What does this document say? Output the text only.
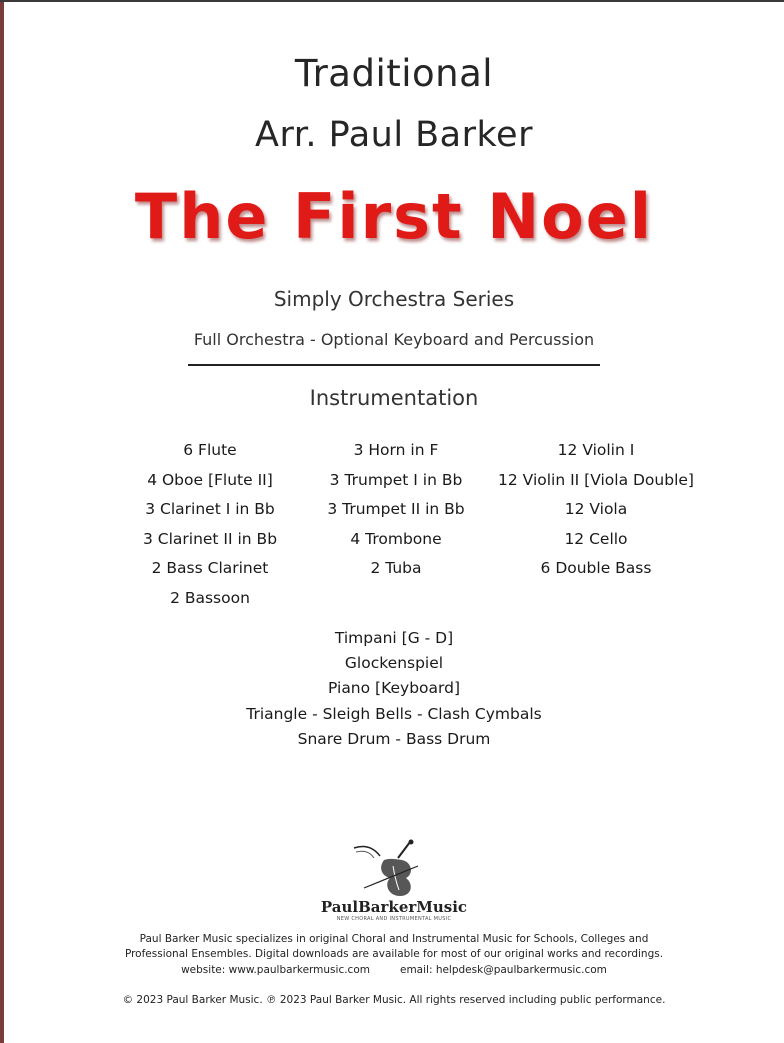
Traditional
Arr. Paul Barker
The First Noel
Simply Orchestra Series
Full Orchestra - Optional Keyboard and Percussion
Instrumentation
6 Flute
4 Oboe [Flute II]
3 Clarinet I in Bb
3 Clarinet II in Bb
2 Bass Clarinet
2 Bassoon
3 Horn in F
3 Trumpet I in Bb
3 Trumpet II in Bb
4 Trombone
2 Tuba
12 Violin I
12 Violin II [Viola Double]
12 Viola
12 Cello
6 Double Bass
Timpani [G - D]
Glockenspiel
Piano [Keyboard]
Triangle - Sleigh Bells - Clash Cymbals
Snare Drum - Bass Drum
PaulBarkerMusic
NEW CHORAL AND INSTRUMENTAL MUSIC
Paul Barker Music specializes in original Choral and Instrumental Music for Schools, Colleges and
Professional Ensembles. Digital downloads are available for most of our original works and recordings.
website: www.paulbarkermusic.com	email: helpdesk@paulbarkermusic.com
© 2023 Paul Barker Music. ℗ 2023 Paul Barker Music. All rights reserved including public performance.
